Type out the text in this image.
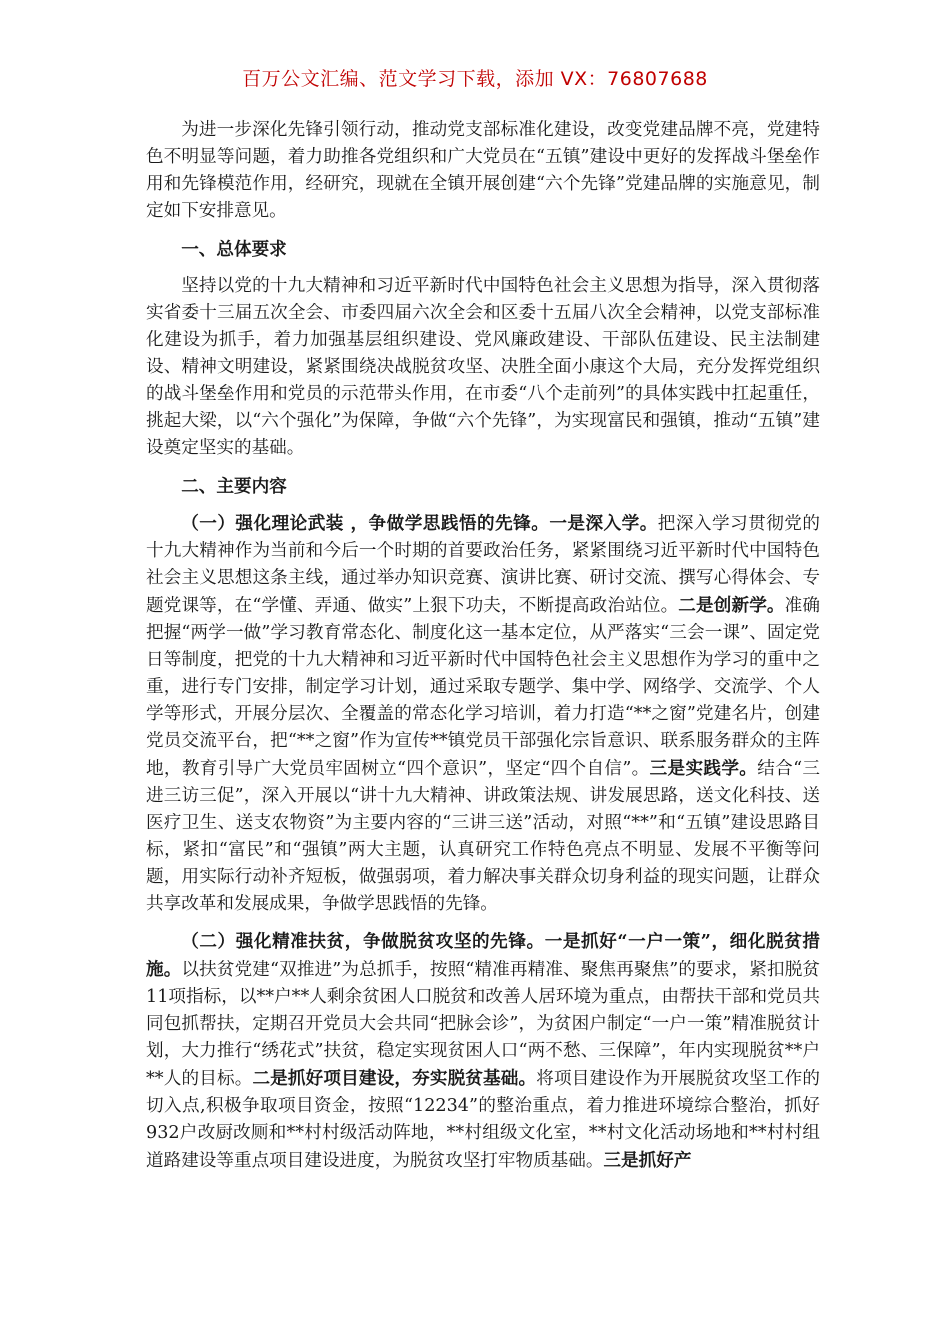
百万公文汇编、范文学习下载，添加 VX：76807688

为进一步深化先锋引领行动，推动党支部标准化建设，改变党建品牌不亮，党建特色不明显等问题，着力助推各党组织和广大党员在“五镇”建设中更好的发挥战斗堡垒作用和先锋模范作用，经研究，现就在全镇开展创建“六个先锋”党建品牌的实施意见，制定如下安排意见。

一、总体要求

坚持以党的十九大精神和习近平新时代中国特色社会主义思想为指导，深入贯彻落实省委十三届五次全会、市委四届六次全会和区委十五届八次全会精神，以党支部标准化建设为抓手，着力加强基层组织建设、党风廉政建设、干部队伍建设、民主法制建设、精神文明建设，紧紧围绕决战脱贫攻坚、决胜全面小康这个大局，充分发挥党组织的战斗堡垒作用和党员的示范带头作用，在市委“八个走前列”的具体实践中扛起重任，挑起大梁，以“六个强化”为保障，争做“六个先锋”，为实现富民和强镇，推动“五镇”建设奠定坚实的基础。

二、主要内容

（一）强化理论武装 ，争做学思践悟的先锋。一是深入学。把深入学习贯彻党的十九大精神作为当前和今后一个时期的首要政治任务，紧紧围绕习近平新时代中国特色社会主义思想这条主线，通过举办知识竞赛、演讲比赛、研讨交流、撰写心得体会、专题党课等，在“学懂、弄通、做实”上狠下功夫，不断提高政治站位。二是创新学。准确把握“两学一做”学习教育常态化、制度化这一基本定位，从严落实“三会一课”、固定党日等制度，把党的十九大精神和习近平新时代中国特色社会主义思想作为学习的重中之重，进行专门安排，制定学习计划，通过采取专题学、集中学、网络学、交流学、个人学等形式，开展分层次、全覆盖的常态化学习培训，着力打造“**之窗”党建名片，创建党员交流平台，把“**之窗”作为宣传**镇党员干部强化宗旨意识、联系服务群众的主阵地，教育引导广大党员牢固树立“四个意识”，坚定“四个自信”。三是实践学。结合“三进三访三促”，深入开展以“讲十九大精神、讲政策法规、讲发展思路，送文化科技、送医疗卫生、送支农物资”为主要内容的“三讲三送”活动，对照“**”和“五镇”建设思路目标，紧扣“富民”和“强镇”两大主题，认真研究工作特色亮点不明显、发展不平衡等问题，用实际行动补齐短板，做强弱项，着力解决事关群众切身利益的现实问题，让群众共享改革和发展成果，争做学思践悟的先锋。

（二）强化精准扶贫，争做脱贫攻坚的先锋。一是抓好“一户一策”，细化脱贫措施。以扶贫党建“双推进”为总抓手，按照“精准再精准、聚焦再聚焦”的要求，紧扣脱贫11项指标，以**户**人剩余贫困人口脱贫和改善人居环境为重点，由帮扶干部和党员共同包抓帮扶，定期召开党员大会共同“把脉会诊”，为贫困户制定“一户一策”精准脱贫计划，大力推行“绣花式”扶贫，稳定实现贫困人口“两不愁、三保障”，年内实现脱贫**户**人的目标。二是抓好项目建设，夯实脱贫基础。将项目建设作为开展脱贫攻坚工作的切入点,积极争取项目资金，按照“12234”的整治重点，着力推进环境综合整治，抓好932户改厨改厕和**村村级活动阵地，**村组级文化室，**村文化活动场地和**村村组道路建设等重点项目建设进度，为脱贫攻坚打牢物质基础。三是抓好产
